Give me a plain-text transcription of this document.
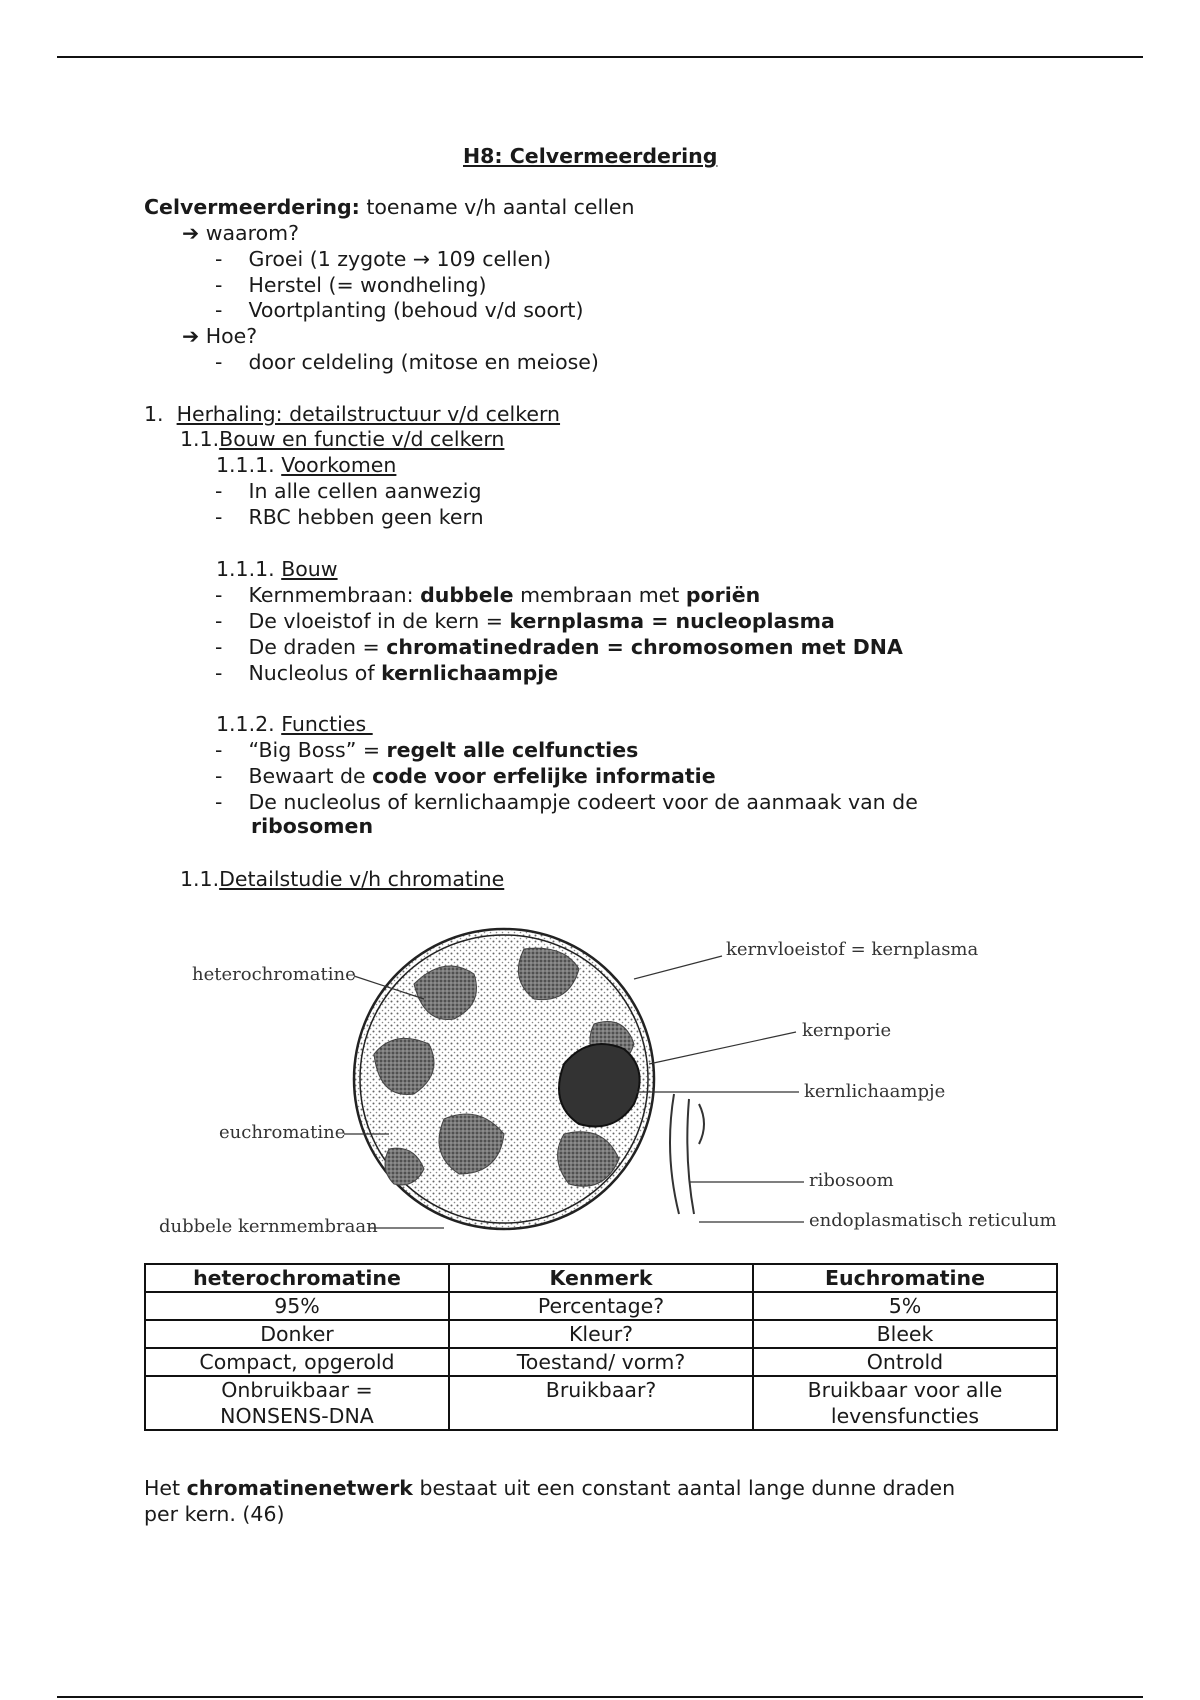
H8: Celvermeerdering
Celvermeerdering: toename v/h aantal cellen
➔ waarom?
-    Groei (1 zygote → 109 cellen)
-    Herstel (= wondheling)
-    Voortplanting (behoud v/d soort)
➔ Hoe?
-    door celdeling (mitose en meiose)
1. Herhaling: detailstructuur v/d celkern
1.1.Bouw en functie v/d celkern
1.1.1. Voorkomen
-    In alle cellen aanwezig
-    RBC hebben geen kern
1.1.1. Bouw
-    Kernmembraan: dubbele membraan met poriën
-    De vloeistof in de kern = kernplasma = nucleoplasma
-    De draden = chromatinedraden = chromosomen met DNA
-    Nucleolus of kernlichaampje
1.1.2. Functies
-    “Big Boss” = regelt alle celfuncties
-    Bewaart de code voor erfelijke informatie
-    De nucleolus of kernlichaampje codeert voor de aanmaak van de
ribosomen
1.1.Detailstudie v/h chromatine
heterochromatine
euchromatine
dubbele kernmembraan
kernvloeistof = kernplasma
kernporie
kernlichaampje
ribosoom
endoplasmatisch reticulum
heterochromatine	Kenmerk	Euchromatine
95%	Percentage?	5%
Donker	Kleur?	Bleek
Compact, opgerold	Toestand/ vorm?	Ontrold
Onbruikbaar = NONSENS-DNA	Bruikbaar?	Bruikbaar voor alle levensfuncties
Het chromatinenetwerk bestaat uit een constant aantal lange dunne draden
per kern. (46)
